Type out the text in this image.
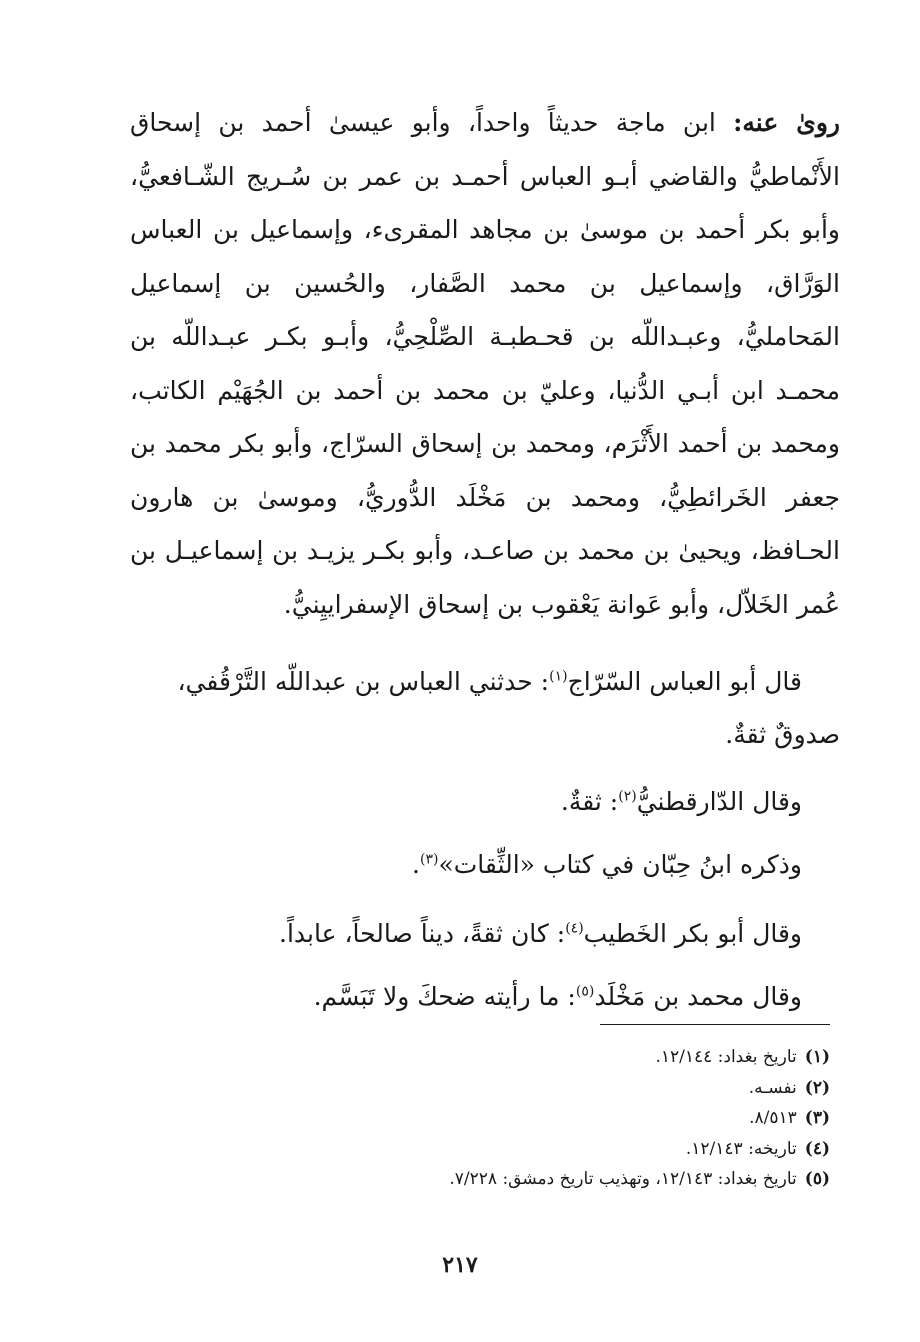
رویٰ عنه: ابن ماجة حديثاً واحداً، وأبو عيسىٰ أحمد بن إسحاق الأَنْماطيُّ والقاضي أبـو العباس أحمـد بن عمر بن سُـريج الشّـافعيُّ، وأبو بكر أحمد بن موسىٰ بن مجاهد المقرىء، وإسماعيل بن العباس الوَرَّاق، وإسماعيل بن محمد الصَّفار، والحُسين بن إسماعيل المَحامليُّ، وعبـداللّه بن قحـطبـة الصِّلْحِيُّ، وأبـو بكـر عبـداللّه بن محمـد ابن أبـي الدُّنيا، وعليّ بن محمد بن أحمد بن الجُهَيْم الكاتب، ومحمد بن أحمد الأَثْرَم، ومحمد بن إسحاق السرّاج، وأبو بكر محمد بن جعفر الخَرائطِيُّ، ومحمد بن مَخْلَد الدُّوريُّ، وموسىٰ بن هارون الحـافظ، ويحيىٰ بن محمد بن صاعـد، وأبو بكـر يزيـد بن إسماعيـل بن عُمر الخَلاّل، وأبو عَوانة يَعْقوب بن إسحاق الإسفراييِنيُّ.

قال أبو العباس السّرّاج$^{(١)}$: حدثني العباس بن عبداللّه التَّرْقُفي،
صدوقٌ ثقةٌ.

وقال الدّارقطنيُّ$^{(٢)}$: ثقةٌ.

وذكره ابنُ حِبّان في كتاب «الثِّقات»$^{(٣)}$.

وقال أبو بكر الخَطيب$^{(٤)}$: كان ثقةً، ديناً صالحاً، عابداً.

وقال محمد بن مَخْلَد$^{(٥)}$: ما رأيته ضحكَ ولا تَبَسَّم.

(١)تاريخ بغداد: ١٢/١٤٤.
(٢)نفسـه.
(٣)٨/٥١٣.
(٤)تاريخه: ١٢/١٤٣.
(٥)تاريخ بغداد: ١٢/١٤٣، وتهذيب تاريخ دمشق: ٧/٢٢٨.
٢١٧
